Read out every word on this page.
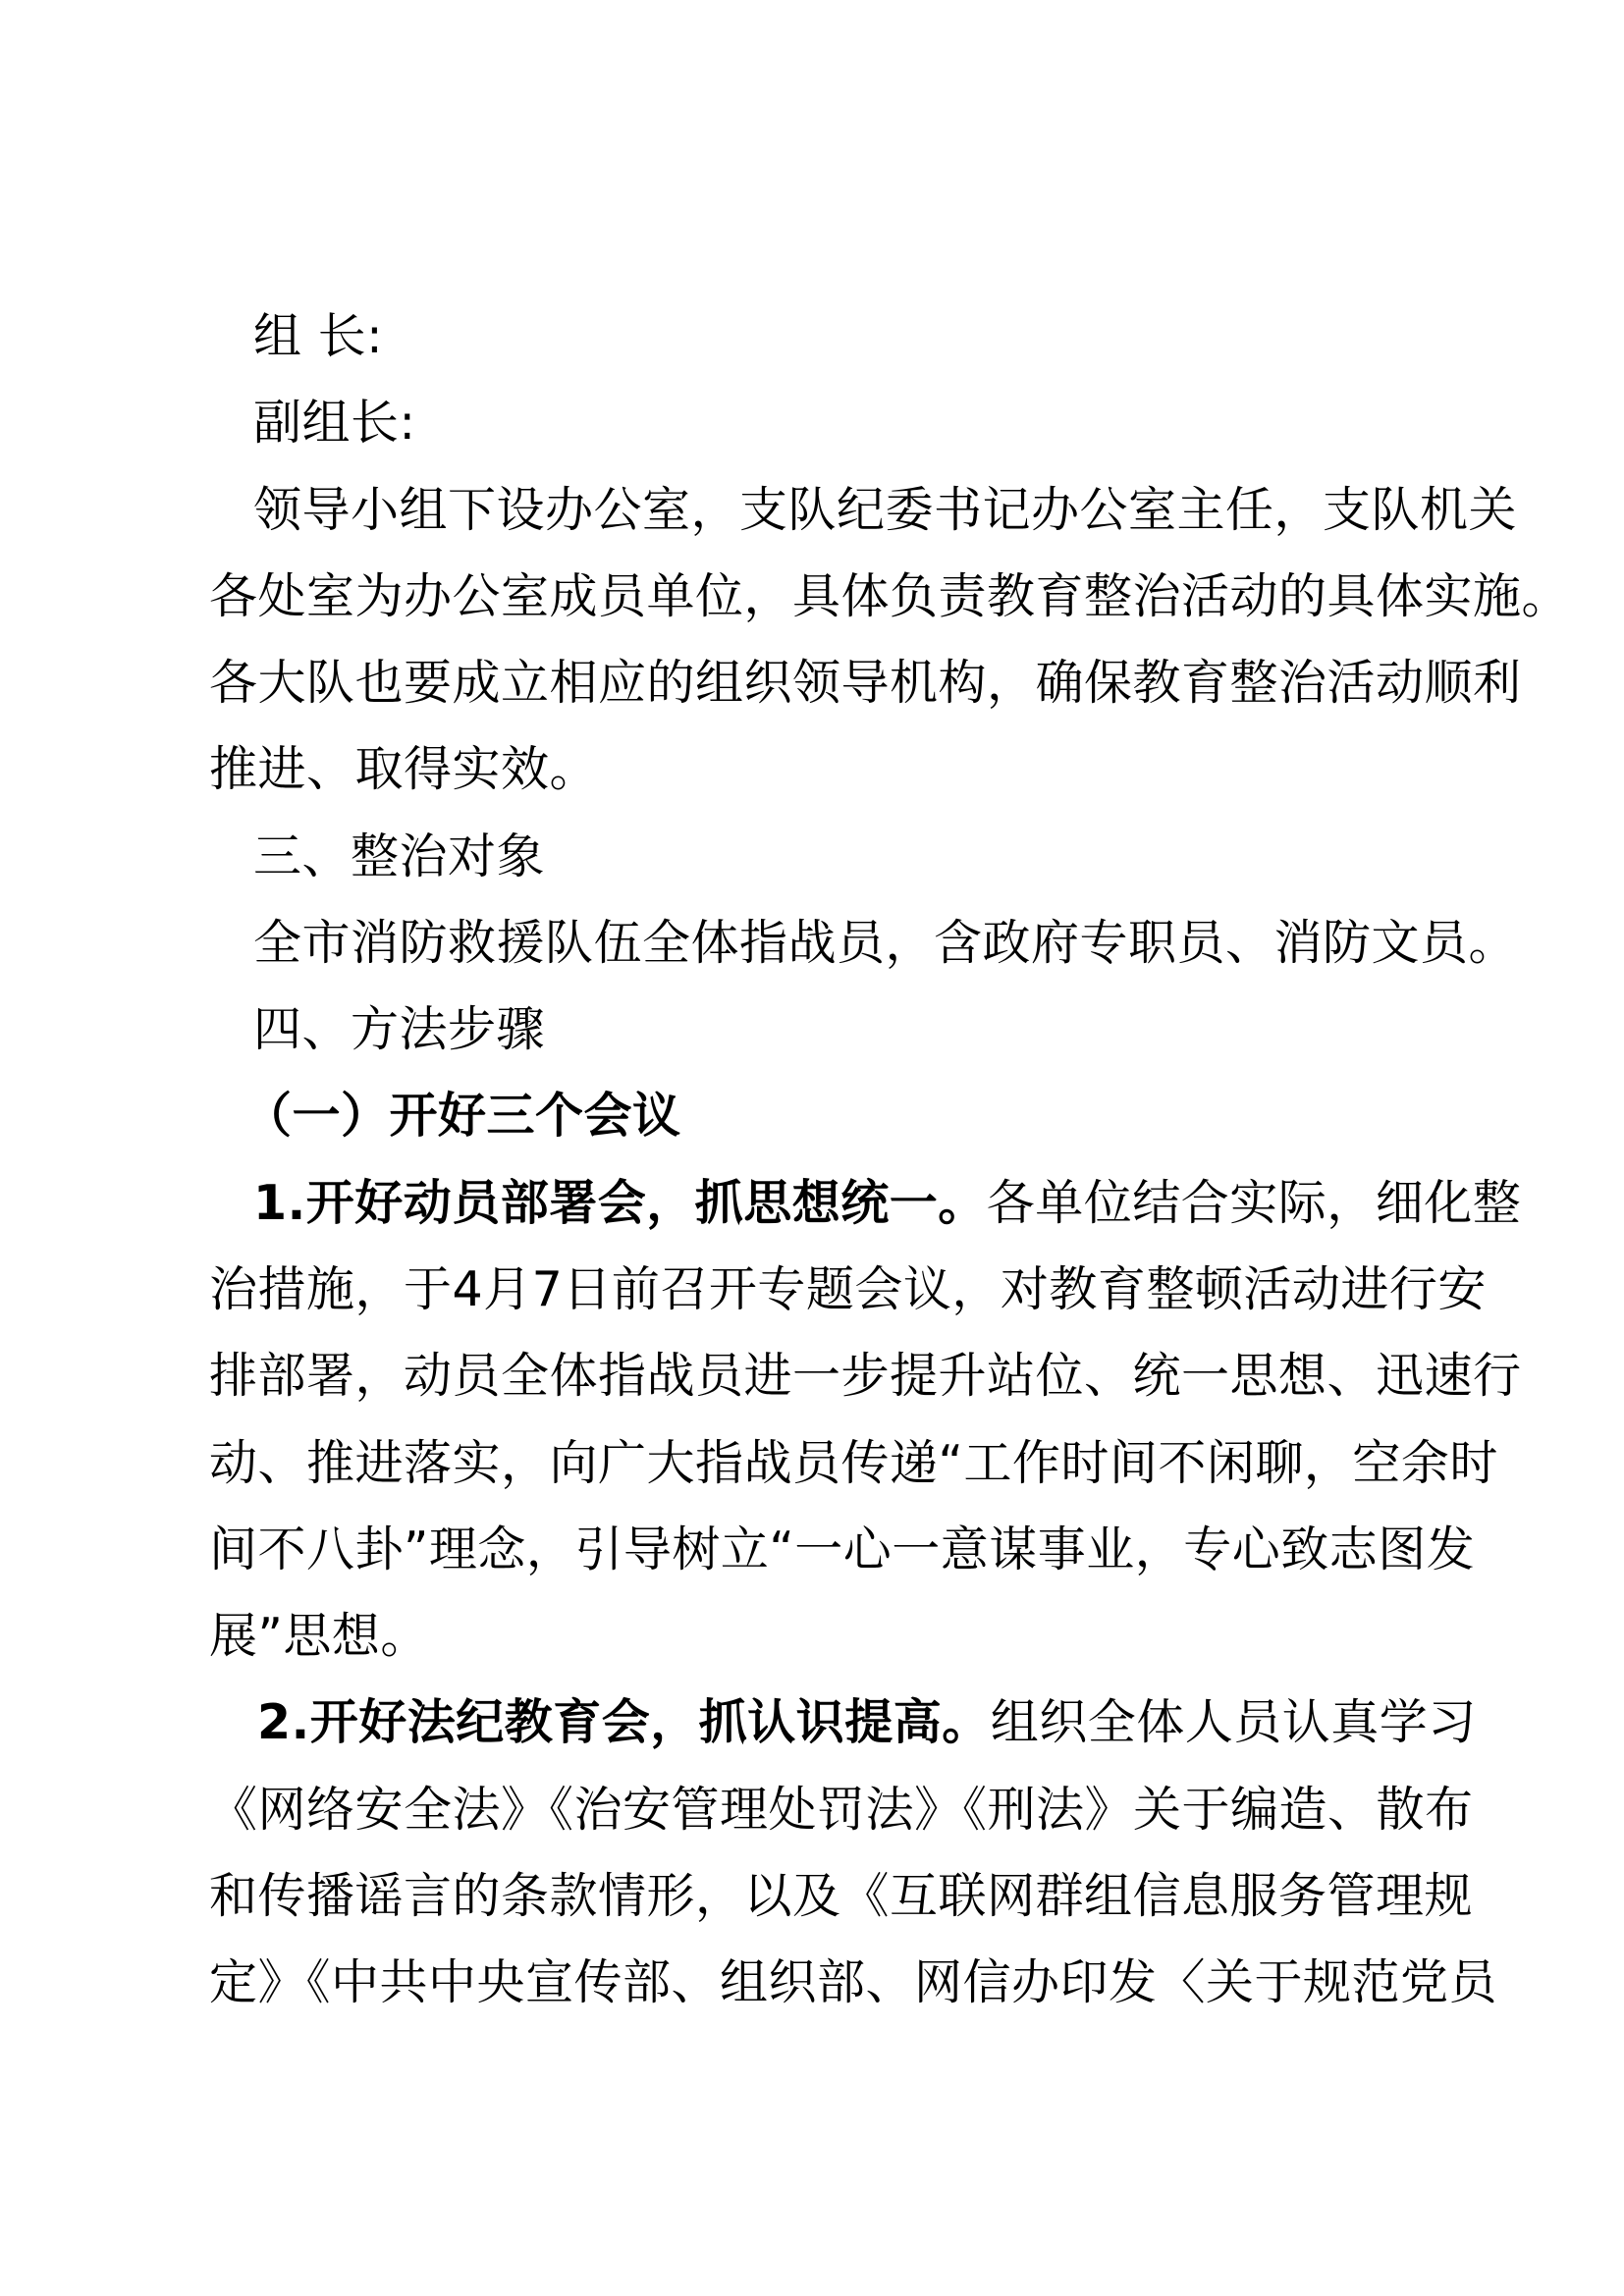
组 长:
副组长:
领导小组下设办公室，支队纪委书记办公室主任，支队机关
各处室为办公室成员单位，具体负责教育整治活动的具体实施。
各大队也要成立相应的组织领导机构，确保教育整治活动顺利
推进、取得实效。
三、整治对象
全市消防救援队伍全体指战员，含政府专职员、消防文员。
四、方法步骤
（一）开好三个会议
1.开好动员部署会，抓思想统一。各单位结合实际，细化整
治措施，于4月7日前召开专题会议，对教育整顿活动进行安
排部署，动员全体指战员进一步提升站位、统一思想、迅速行
动、推进落实，向广大指战员传递“工作时间不闲聊，空余时
间不八卦”理念，引导树立“一心一意谋事业，专心致志图发
展”思想。
2.开好法纪教育会，抓认识提高。组织全体人员认真学习
《网络安全法》《治安管理处罚法》《刑法》关于编造、散布
和传播谣言的条款情形，以及《互联网群组信息服务管理规
定》《中共中央宣传部、组织部、网信办印发〈关于规范党员
